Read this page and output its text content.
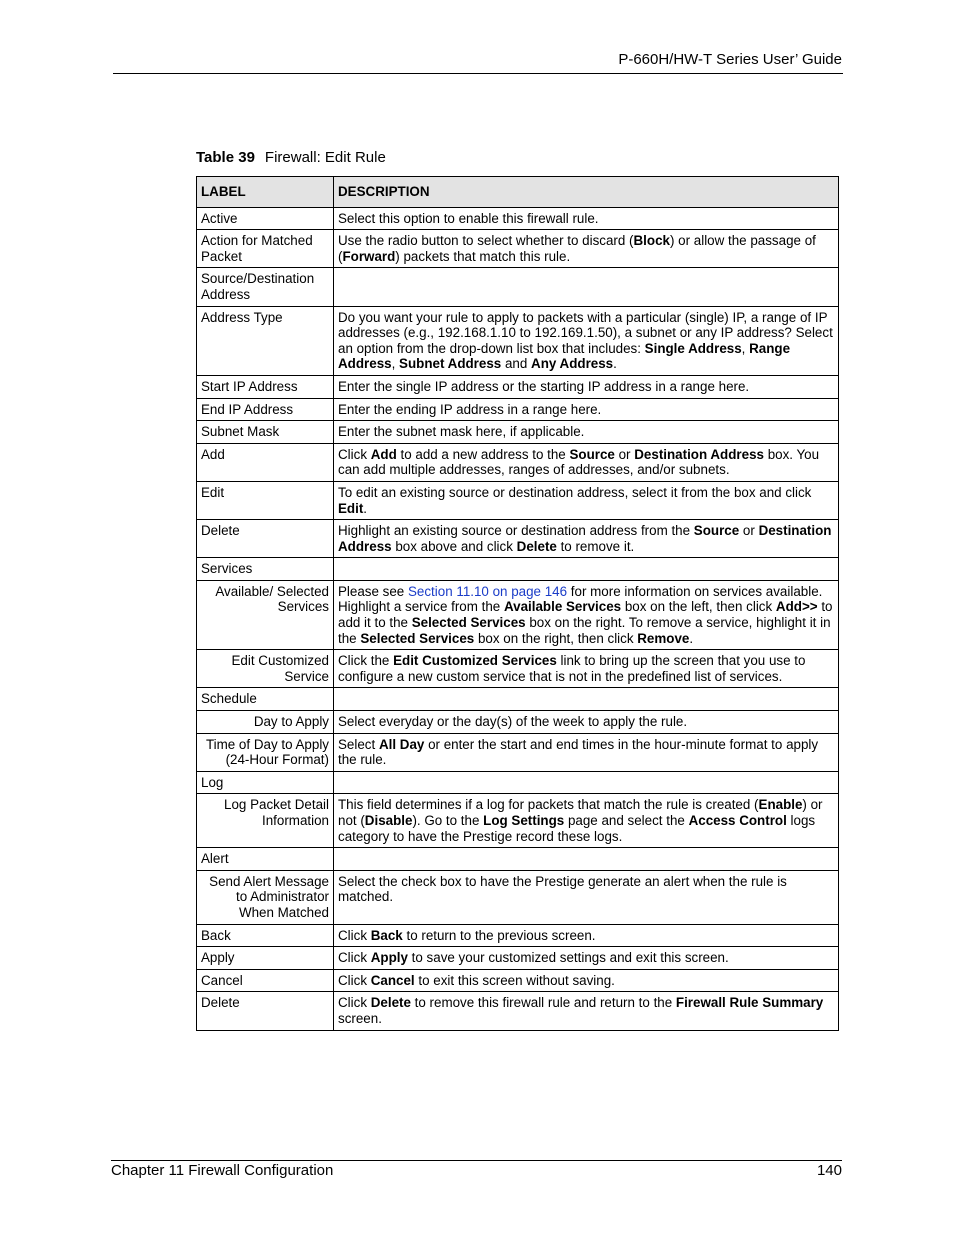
P-660H/HW-T Series User’ Guide
Table 39 Firewall: Edit Rule
LABEL	DESCRIPTION
Active	Select this option to enable this firewall rule.
Action for Matched Packet	Use the radio button to select whether to discard (Block) or allow the passage of (Forward) packets that match this rule.
Source/Destination Address	
Address Type	Do you want your rule to apply to packets with a particular (single) IP, a range of IP addresses (e.g., 192.168.1.10 to 192.169.1.50), a subnet or any IP address? Select an option from the drop-down list box that includes: Single Address, Range Address, Subnet Address and Any Address.
Start IP Address	Enter the single IP address or the starting IP address in a range here.
End IP Address	Enter the ending IP address in a range here.
Subnet Mask	Enter the subnet mask here, if applicable.
Add	Click Add to add a new address to the Source or Destination Address box. You can add multiple addresses, ranges of addresses, and/or subnets.
Edit	To edit an existing source or destination address, select it from the box and click Edit.
Delete	Highlight an existing source or destination address from the Source or Destination Address box above and click Delete to remove it.
Services	
Available/ Selected Services	Please see Section 11.10 on page 146 for more information on services available. Highlight a service from the Available Services box on the left, then click Add>> to add it to the Selected Services box on the right. To remove a service, highlight it in the Selected Services box on the right, then click Remove.
Edit Customized Service	Click the Edit Customized Services link to bring up the screen that you use to configure a new custom service that is not in the predefined list of services.
Schedule	
Day to Apply	Select everyday or the day(s) of the week to apply the rule.
Time of Day to Apply (24-Hour Format)	Select All Day or enter the start and end times in the hour-minute format to apply the rule.
Log	
Log Packet Detail Information	This field determines if a log for packets that match the rule is created (Enable) or not (Disable). Go to the Log Settings page and select the Access Control logs category to have the Prestige record these logs.
Alert	
Send Alert Message to Administrator When Matched	Select the check box to have the Prestige generate an alert when the rule is matched.
Back	Click Back to return to the previous screen.
Apply	Click Apply to save your customized settings and exit this screen.
Cancel	Click Cancel to exit this screen without saving.
Delete	Click Delete to remove this firewall rule and return to the Firewall Rule Summary screen.
Chapter 11 Firewall Configuration	140
